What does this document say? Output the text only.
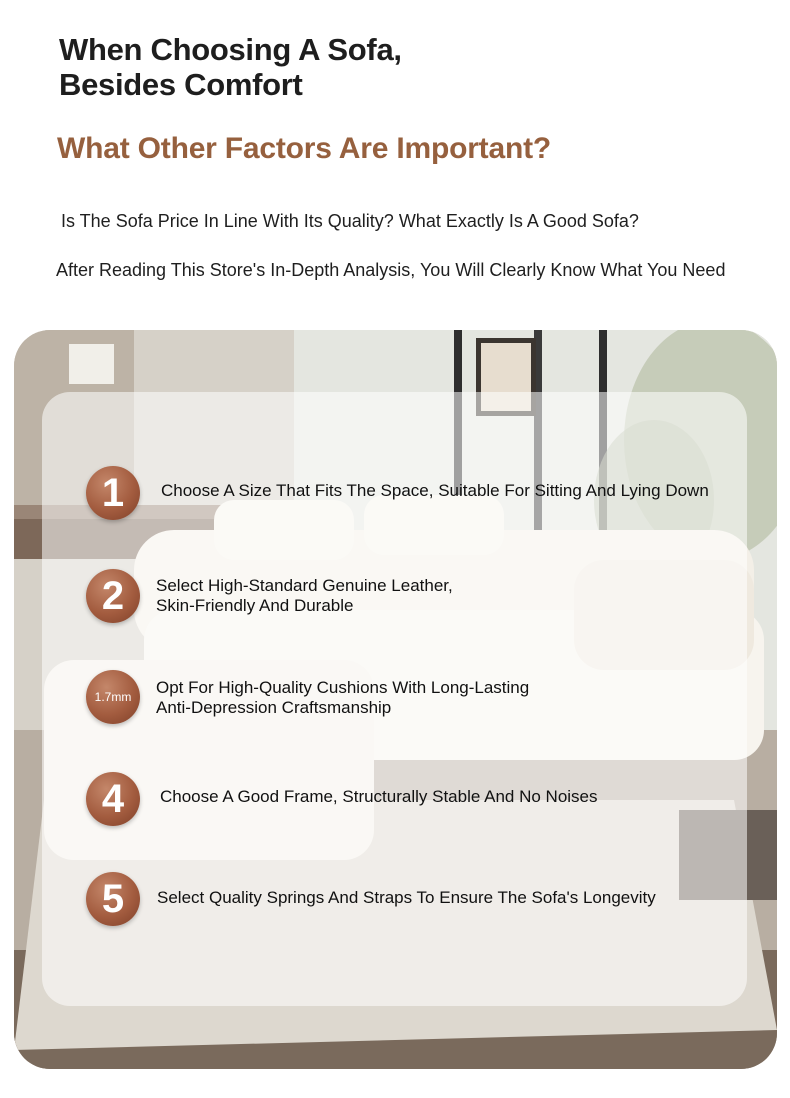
When Choosing A Sofa,
Besides Comfort
What Other Factors Are Important?
Is The Sofa Price In Line With Its Quality? What Exactly Is A Good Sofa?
After Reading This Store's In-Depth Analysis, You Will Clearly Know What You Need
1	Choose A Size That Fits The Space, Suitable For Sitting And Lying Down
2	Select High-Standard Genuine Leather,
Skin-Friendly And Durable
1.7mm	Opt For High-Quality Cushions With Long-Lasting
Anti-Depression Craftsmanship
4	Choose A Good Frame, Structurally Stable And No Noises
5	Select Quality Springs And Straps To Ensure The Sofa's Longevity
